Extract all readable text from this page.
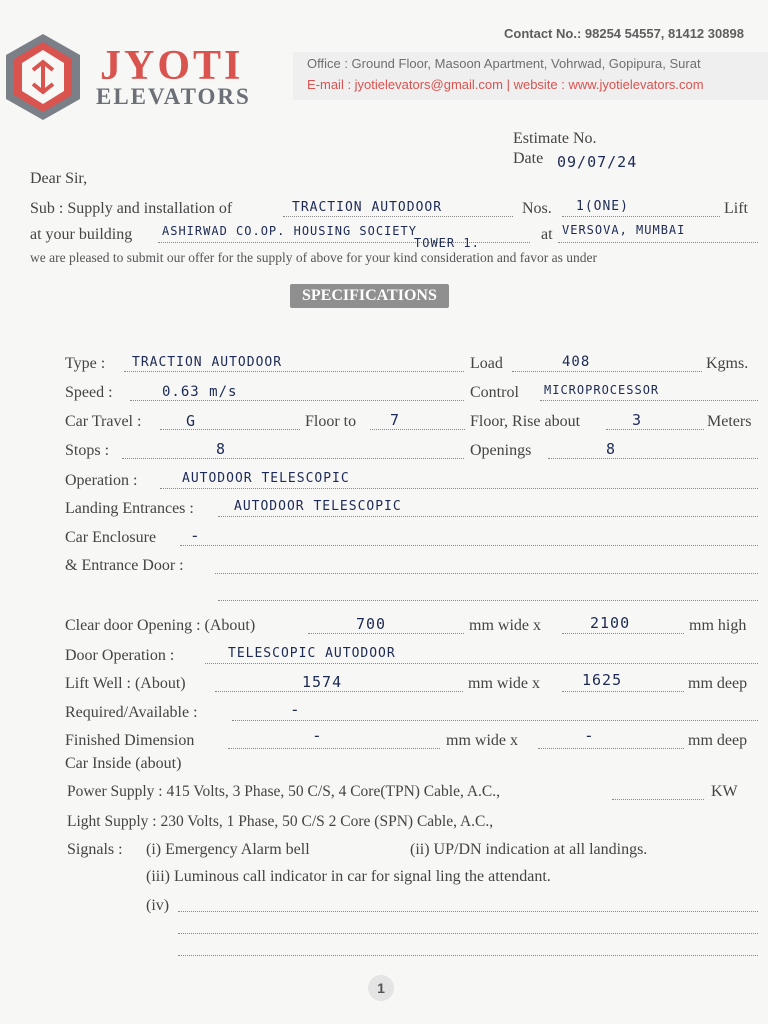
JYOTI
ELEVATORS
Contact No.: 98254 54557, 81412 30898
Office : Ground Floor, Masoon Apartment, Vohrwad, Gopipura, Surat
E-mail : jyotielevators@gmail.com | website : www.jyotielevators.com
Estimate No.
Date 09/07/24
Dear Sir,
Sub : Supply and installation of	TRACTION AUTODOOR	Nos. 1(ONE)	Lift
at your building ASHIRWAD CO.OP. HOUSING SOCIETY
TOWER 1.	at VERSOVA, MUMBAI
we are pleased to submit our offer for the supply of above for your kind consideration and favor as under
SPECIFICATIONS
Type : TRACTION AUTODOOR	Load	408	Kgms.
Speed :	0.63 m/s	Control MICROPROCESSOR
Car Travel :	G	Floor to 7	Floor, Rise about	3	Meters
Stops :	8	Openings	8
Operation :	AUTODOOR TELESCOPIC
Landing Entrances :	AUTODOOR TELESCOPIC
Car Enclosure -
& Entrance Door :
Clear door Opening : (About)	700	mm wide x	2100	mm high
Door Operation :	TELESCOPIC AUTODOOR
Lift Well : (About)	1574	mm wide x	1625	mm deep
Required/Available :	-
Finished Dimension	-	mm wide x	-	mm deep
Car Inside (about)
Power Supply : 415 Volts, 3 Phase, 50 C/S, 4 Core(TPN) Cable, A.C.,	KW
Light Supply : 230 Volts, 1 Phase, 50 C/S 2 Core (SPN) Cable, A.C.,
Signals : (i) Emergency Alarm bell	(ii) UP/DN indication at all landings.
(iii) Luminous call indicator in car for signal ling the attendant.
(iv)
1
